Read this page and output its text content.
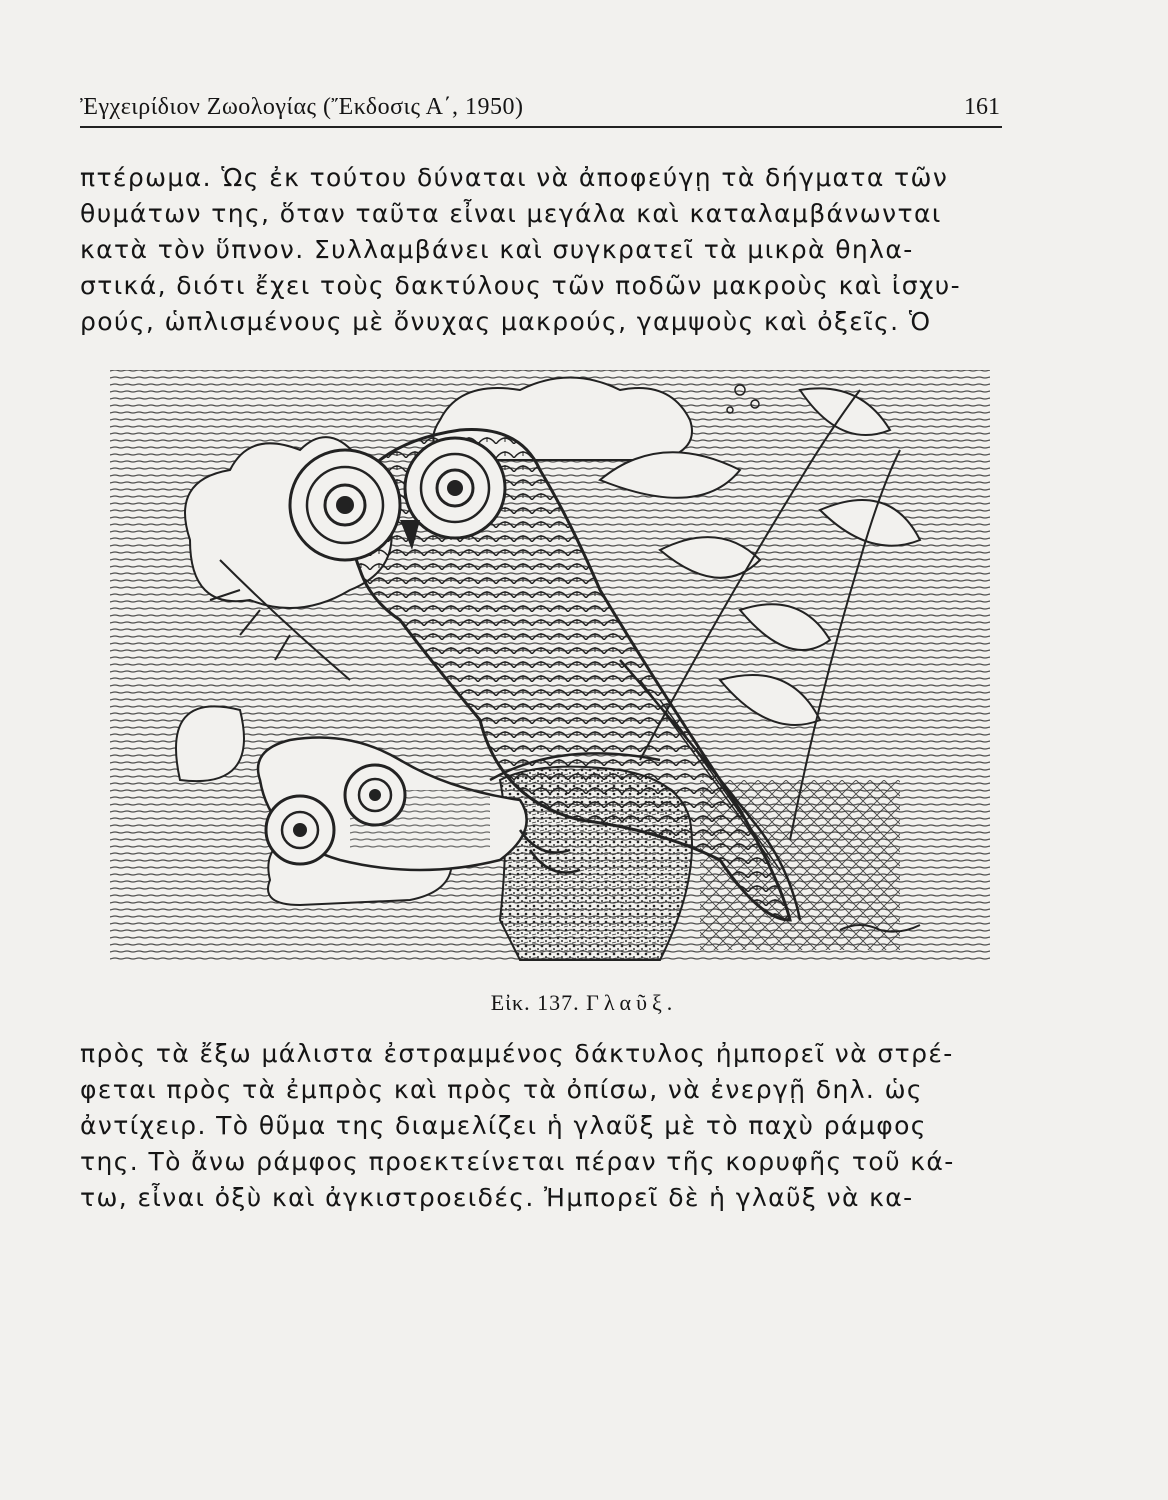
Ἐγχειρίδιον Ζωολογίας (Ἔκδοσις Α΄, 1950)	161
πτέρωμα. Ὡς ἐκ τούτου δύναται νὰ ἀποφεύγῃ τὰ δήγματα τῶν
θυμάτων της, ὅταν ταῦτα εἶναι μεγάλα καὶ καταλαμβάνωνται
κατὰ τὸν ὕπνον. Συλλαμβάνει καὶ συγκρατεῖ τὰ μικρὰ θηλα-
στικά, διότι ἔχει τοὺς δακτύλους τῶν ποδῶν μακροὺς καὶ ἰσχυ-
ρούς, ὡπλισμένους μὲ ὄνυχας μακρούς, γαμψοὺς καὶ ὀξεῖς. Ὁ
Εἰκ. 137. Γλαῦξ.
πρὸς τὰ ἔξω μάλιστα ἐστραμμένος δάκτυλος ἠμπορεῖ νὰ στρέ-
φεται πρὸς τὰ ἐμπρὸς καὶ πρὸς τὰ ὀπίσω, νὰ ἐνεργῇ δηλ. ὡς
ἀντίχειρ. Τὸ θῦμα της διαμελίζει ἡ γλαῦξ μὲ τὸ παχὺ ράμφος
της. Τὸ ἄνω ράμφος προεκτείνεται πέραν τῆς κορυφῆς τοῦ κά-
τω, εἶναι ὀξὺ καὶ ἀγκιστροειδές. Ἠμπορεῖ δὲ ἡ γλαῦξ νὰ κα-
